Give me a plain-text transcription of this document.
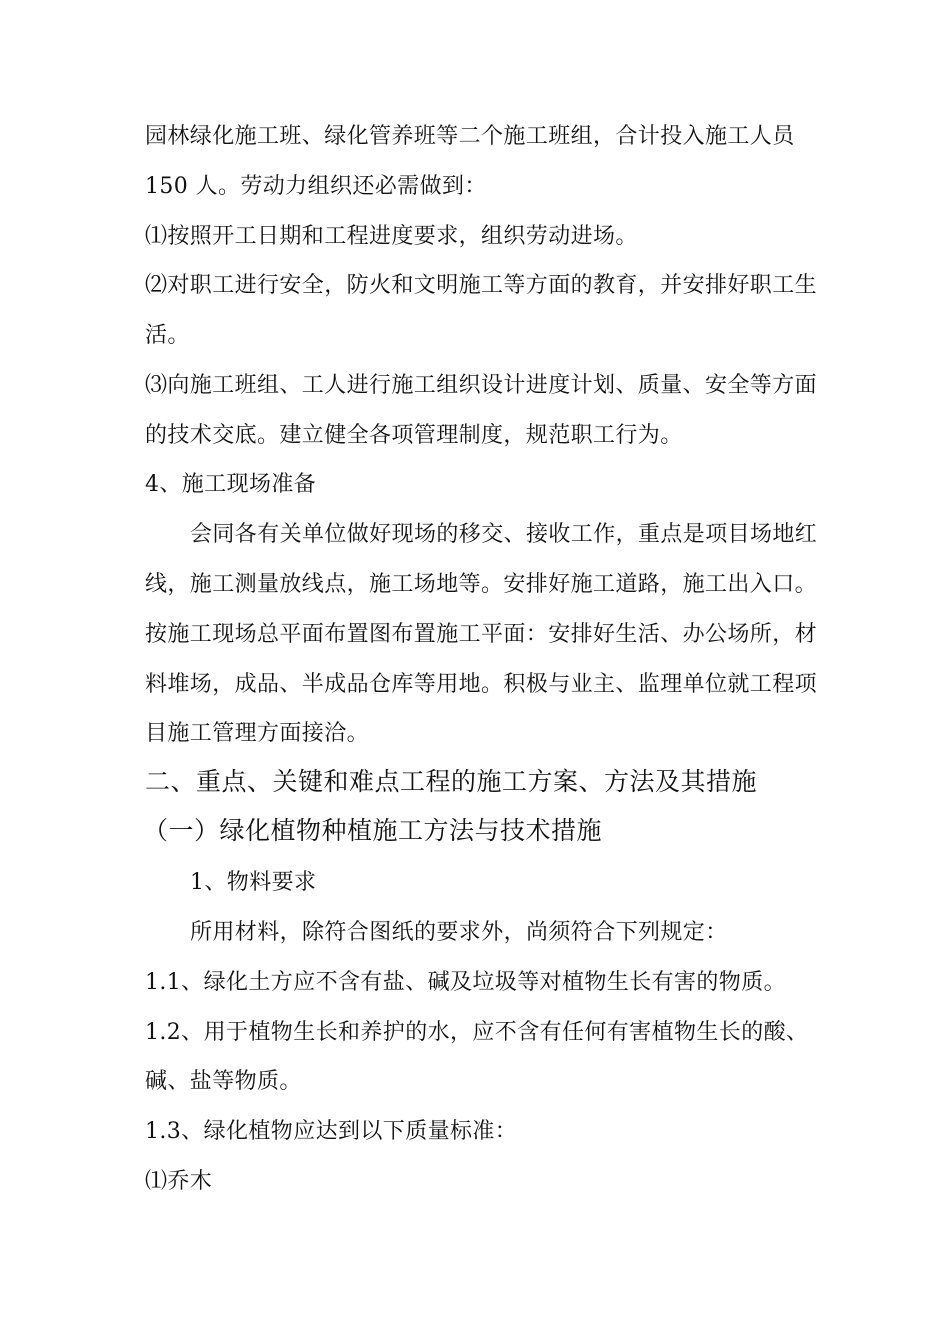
园林绿化施工班、绿化管养班等二个施工班组，合计投入施工人员
150 人。劳动力组织还必需做到：
⑴按照开工日期和工程进度要求，组织劳动进场。
⑵对职工进行安全，防火和文明施工等方面的教育，并安排好职工生
活。
⑶向施工班组、工人进行施工组织设计进度计划、质量、安全等方面
的技术交底。建立健全各项管理制度，规范职工行为。
4、施工现场准备
会同各有关单位做好现场的移交、接收工作，重点是项目场地红
线，施工测量放线点，施工场地等。安排好施工道路，施工出入口。
按施工现场总平面布置图布置施工平面：安排好生活、办公场所，材
料堆场，成品、半成品仓库等用地。积极与业主、监理单位就工程项
目施工管理方面接洽。
二、重点、关键和难点工程的施工方案、方法及其措施
（一）绿化植物种植施工方法与技术措施
1、物料要求
所用材料，除符合图纸的要求外，尚须符合下列规定：
1.1、绿化土方应不含有盐、碱及垃圾等对植物生长有害的物质。
1.2、用于植物生长和养护的水，应不含有任何有害植物生长的酸、
碱、盐等物质。
1.3、绿化植物应达到以下质量标准：
⑴乔木
